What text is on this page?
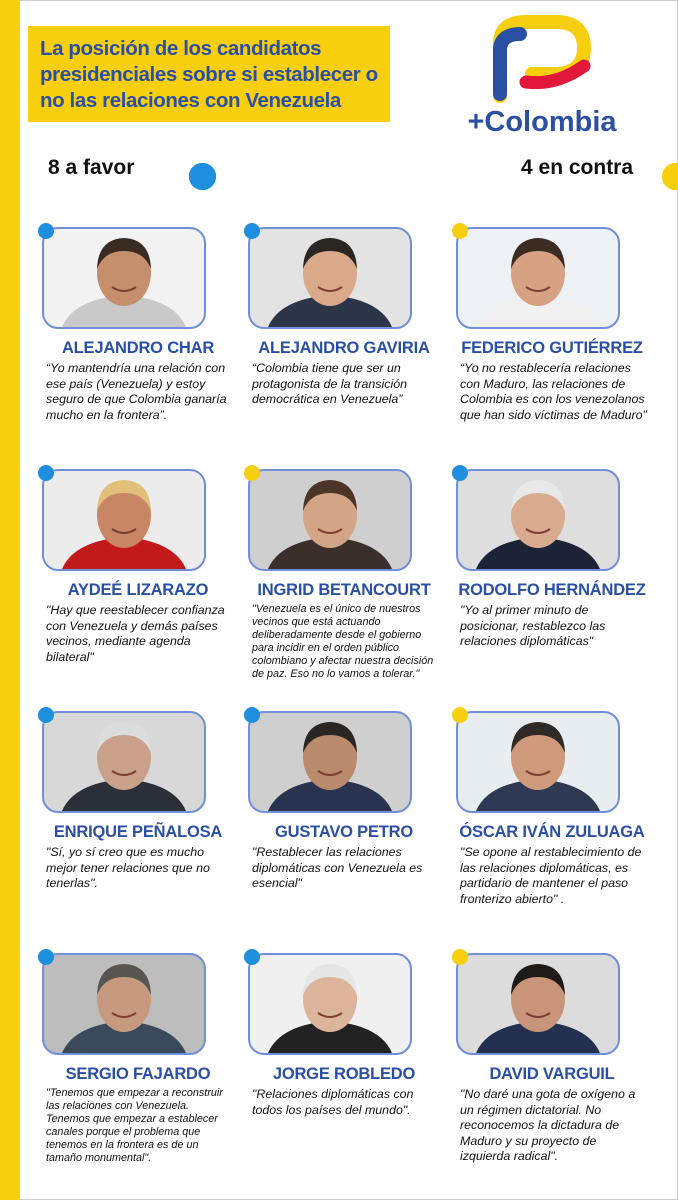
La posición de los candidatos presidenciales sobre si establecer o no las relaciones con Venezuela
+Colombia
8 a favor	4 en contra
ALEJANDRO CHAR
“Yo mantendría una relación con ese país (Venezuela) y estoy seguro de que Colombia ganaría mucho en la frontera”.
ALEJANDRO GAVIRIA
“Colombia tiene que ser un protagonista de la transición democrática en Venezuela”
FEDERICO GUTIÉRREZ
“Yo no restablecería relaciones con Maduro, las relaciones de Colombia es con los venezolanos que han sido víctimas de Maduro”
AYDEÉ LIZARAZO
"Hay que reestablecer confianza con Venezuela y demás países vecinos, mediante agenda bilateral"
INGRID BETANCOURT
"Venezuela es el único de nuestros vecinos que está actuando deliberadamente desde el gobierno para incidir en el orden público colombiano y afectar nuestra decisión de paz. Eso no lo vamos a tolerar."
RODOLFO HERNÁNDEZ
"Yo al primer minuto de posicionar, restablezco las relaciones diplomáticas"
ENRIQUE PEÑALOSA
"Sí, yo sí creo que es mucho mejor tener relaciones que no tenerlas".
GUSTAVO PETRO
"Restablecer las relaciones diplomáticas con Venezuela es esencial"
ÓSCAR IVÁN ZULUAGA
"Se opone al restablecimiento de las relaciones diplomáticas, es partidario de mantener el paso fronterizo abierto" .
SERGIO FAJARDO
"Tenemos que empezar a reconstruir las relaciones con Venezuela. Tenemos que empezar a establecer canales porque el problema que tenemos en la frontera es de un tamaño monumental".
JORGE ROBLEDO
"Relaciones diplomáticas con todos los países del mundo".
DAVID VARGUIL
"No daré una gota de oxígeno a un régimen dictatorial. No reconocemos la dictadura de Maduro y su proyecto de izquierda radical".
